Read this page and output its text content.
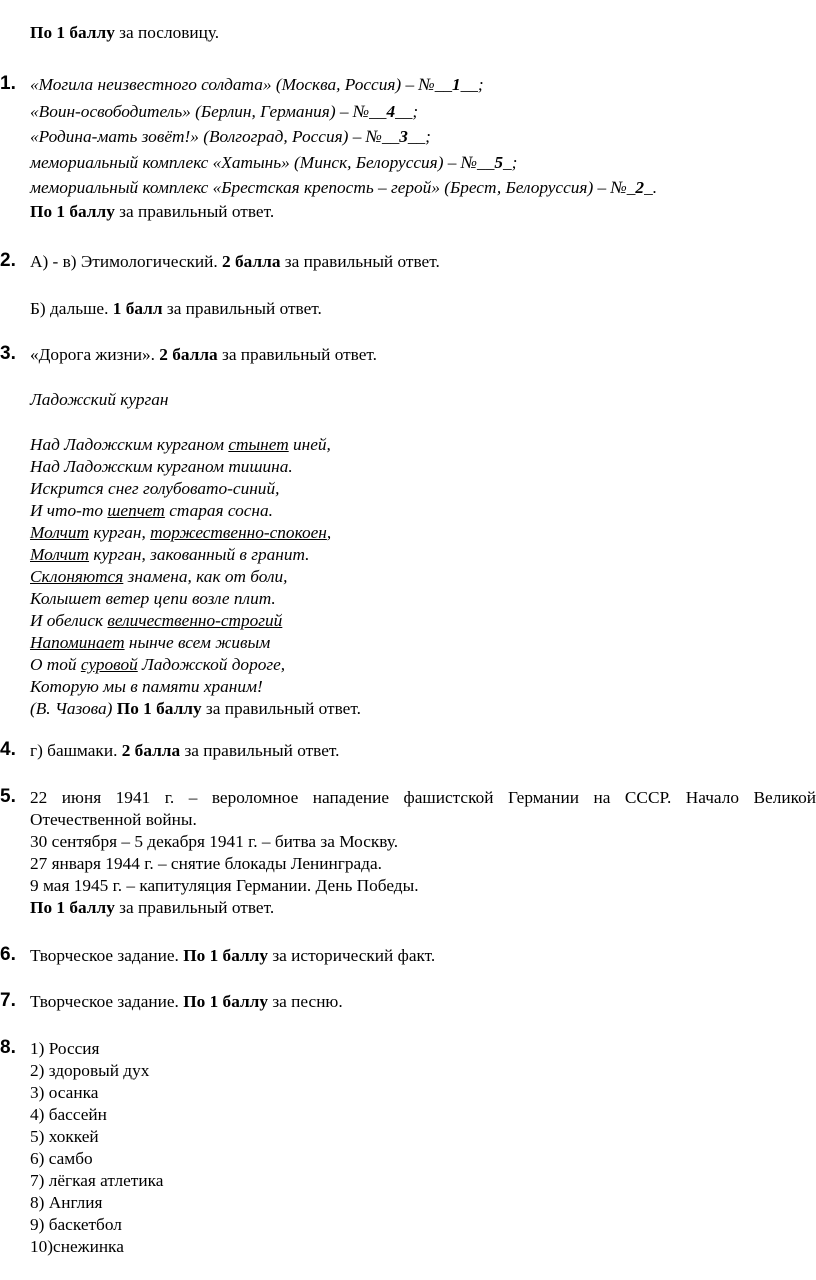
По 1 баллу за пословицу.
1. «Могила неизвестного солдата» (Москва, Россия) – №__1__;
«Воин-освободитель» (Берлин, Германия) – №__4__;
«Родина-мать зовёт!» (Волгоград, Россия) – №__3__;
мемориальный комплекс «Хатынь» (Минск, Белоруссия) – №__5_;
мемориальный комплекс «Брестская крепость – герой» (Брест, Белоруссия) – №_2_.
По 1 баллу за правильный ответ.
2. А) - в) Этимологический. 2 балла за правильный ответ.
Б) дальше. 1 балл за правильный ответ.
3. «Дорога жизни». 2 балла за правильный ответ.
Ладожский курган
Над Ладожским курганом стынет иней,
Над Ладожским курганом тишина.
Искрится снег голубовато-синий,
И что-то шепчет старая сосна.
Молчит курган, торжественно-спокоен,
Молчит курган, закованный в гранит.
Склоняются знамена, как от боли,
Колышет ветер цепи возле плит.
И обелиск величественно-строгий
Напоминает нынче всем живым
О той суровой Ладожской дороге,
Которую мы в памяти храним!
(В. Чазова) По 1 баллу за правильный ответ.
4. г) башмаки. 2 балла за правильный ответ.
5. 22 июня 1941 г. – вероломное нападение фашистской Германии на СССР. Начало Великой
Отечественной войны.
30 сентября – 5 декабря 1941 г. – битва за Москву.
27 января 1944 г. – снятие блокады Ленинграда.
9 мая 1945 г. – капитуляция Германии. День Победы.
По 1 баллу за правильный ответ.
6. Творческое задание. По 1 баллу за исторический факт.
7. Творческое задание. По 1 баллу за песню.
8. 1) Россия
2) здоровый дух
3) осанка
4) бассейн
5) хоккей
6) самбо
7) лёгкая атлетика
8) Англия
9) баскетбол
10)снежинка
